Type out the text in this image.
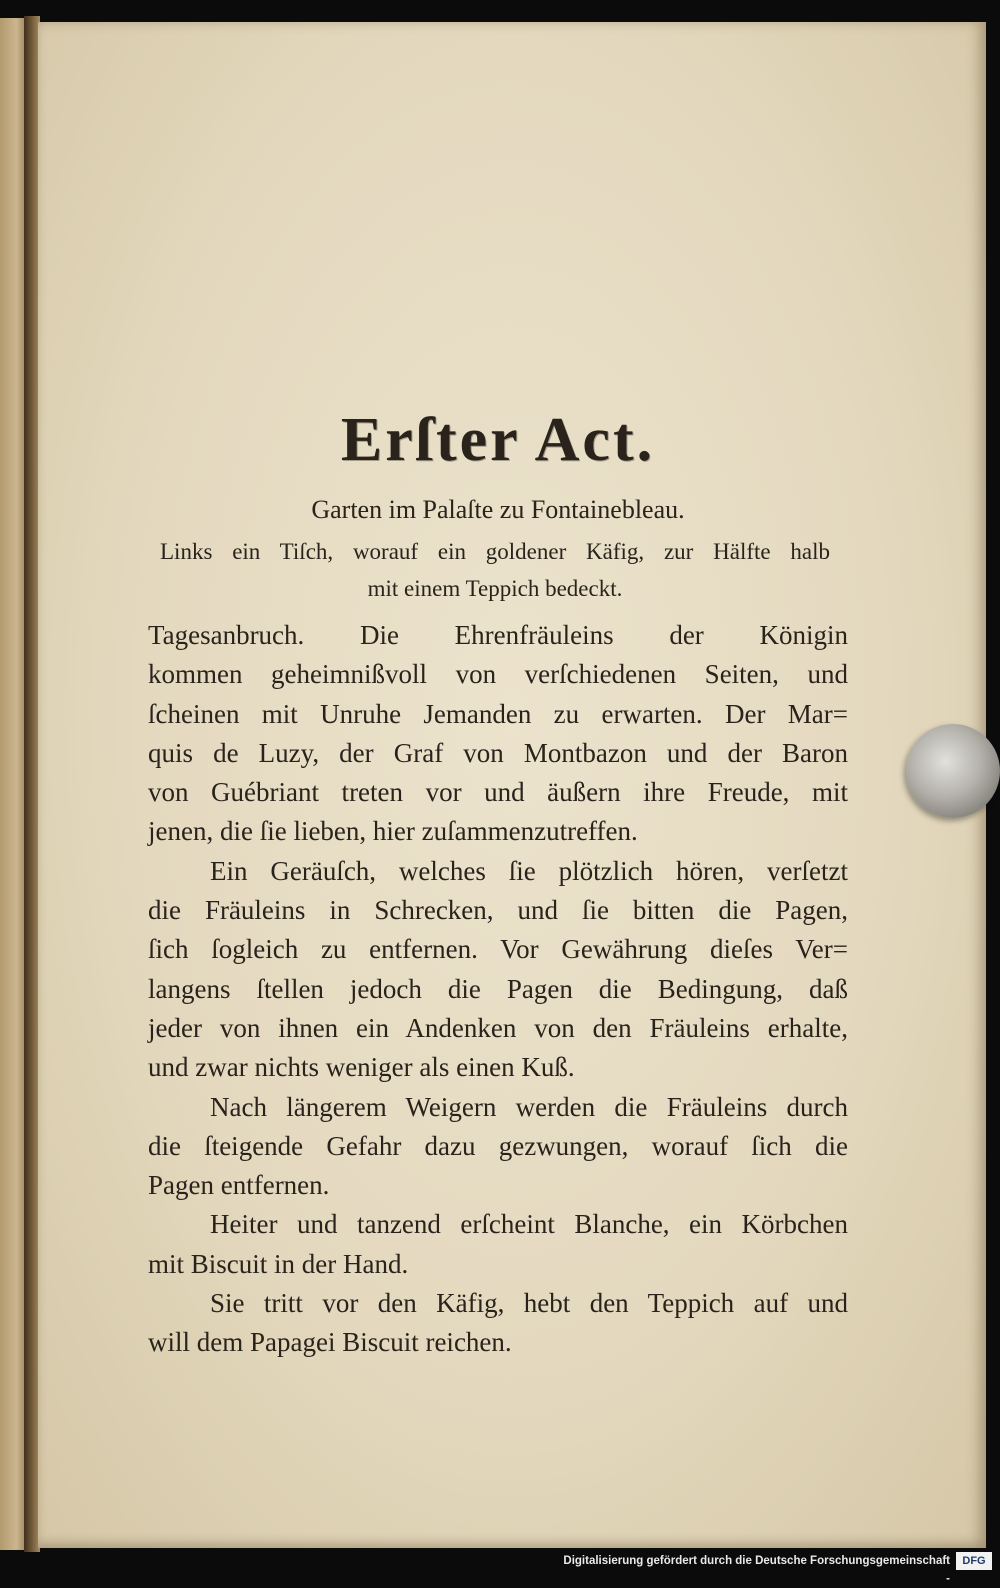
Erſter Act.
Garten im Palaſte zu Fontainebleau.
Links ein Tiſch, worauf ein goldener Käfig, zur Hälfte halb
mit einem Teppich bedeckt.
Tagesanbruch. Die Ehrenfräuleins der Königin
kommen geheimnißvoll von verſchiedenen Seiten, und
ſcheinen mit Unruhe Jemanden zu erwarten. Der Mar=
quis de Luzy, der Graf von Montbazon und der Baron
von Guébriant treten vor und äußern ihre Freude, mit
jenen, die ſie lieben, hier zuſammenzutreffen.
Ein Geräuſch, welches ſie plötzlich hören, verſetzt
die Fräuleins in Schrecken, und ſie bitten die Pagen,
ſich ſogleich zu entfernen. Vor Gewährung dieſes Ver=
langens ſtellen jedoch die Pagen die Bedingung, daß
jeder von ihnen ein Andenken von den Fräuleins erhalte,
und zwar nichts weniger als einen Kuß.
Nach längerem Weigern werden die Fräuleins durch
die ſteigende Gefahr dazu gezwungen, worauf ſich die
Pagen entfernen.
Heiter und tanzend erſcheint Blanche, ein Körbchen
mit Biscuit in der Hand.
Sie tritt vor den Käfig, hebt den Teppich auf und
will dem Papagei Biscuit reichen.
Digitalisierung gefördert durch die Deutsche Forschungsgemeinschaft -
DFG
